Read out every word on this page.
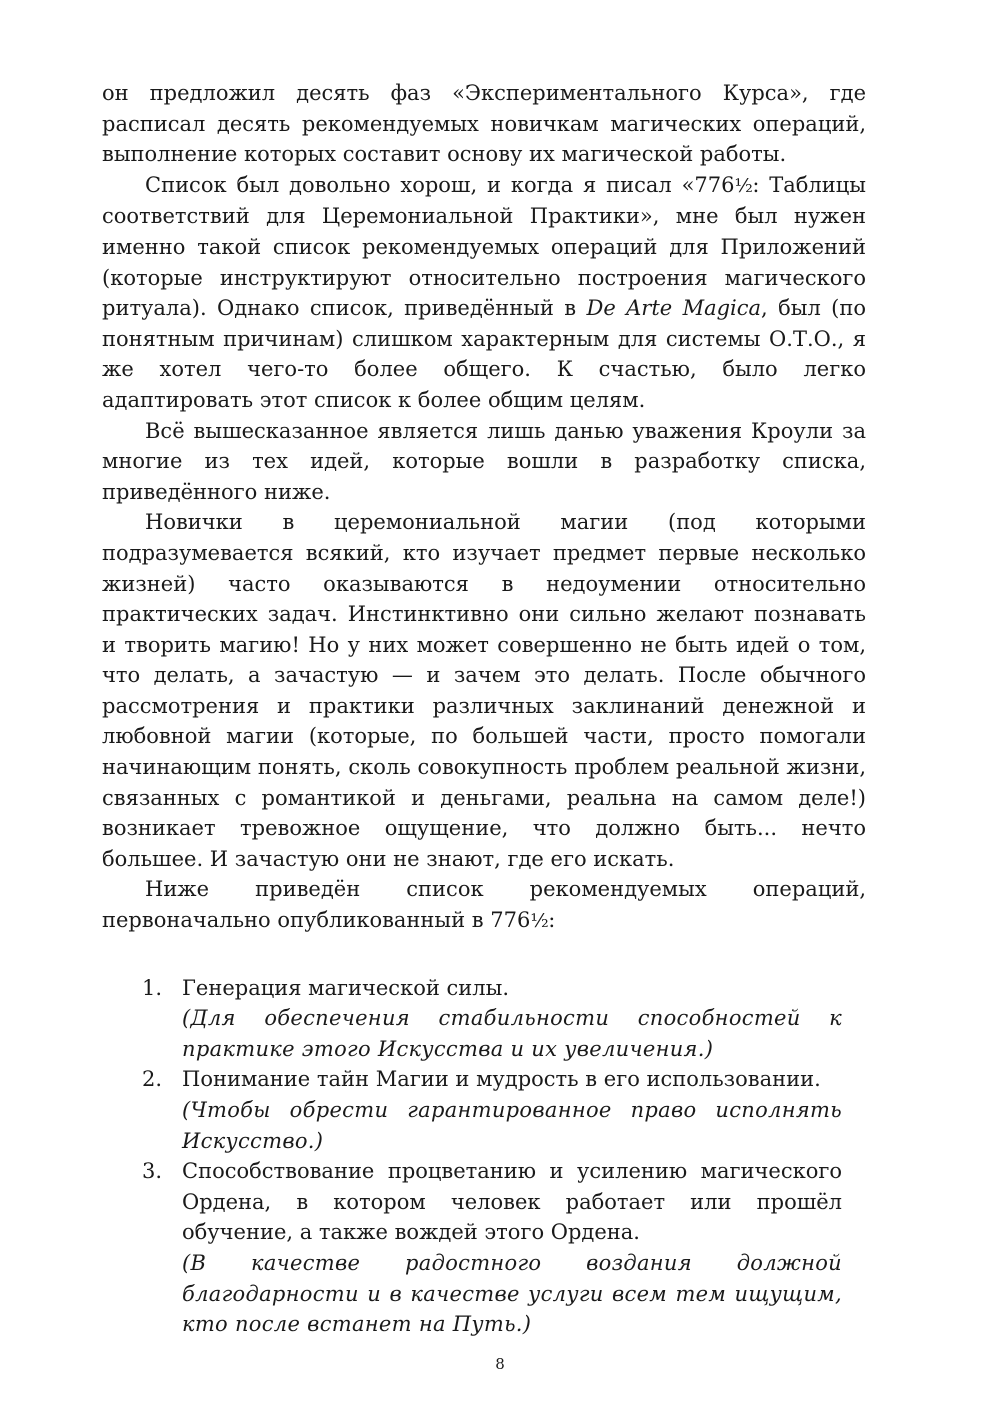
он предложил десять фаз «Экспериментального Курса», где расписал десять рекомендуемых новичкам магических операций, выполнение которых составит основу их магической работы.

Список был довольно хорош, и когда я писал «776½: Таблицы соответствий для Церемониальной Практики», мне был нужен именно такой список рекомендуемых операций для Приложений (которые инструктируют относительно построения магического ритуала). Однако список, приведённый в De Arte Magica, был (по понятным причинам) слишком характерным для системы О.Т.О., я же хотел чего-то более общего. К счастью, было легко адаптировать этот список к более общим целям.

Всё вышесказанное является лишь данью уважения Кроули за многие из тех идей, которые вошли в разработку списка, приведённого ниже.

Новички в церемониальной магии (под которыми подразумевается всякий, кто изучает предмет первые несколько жизней) часто оказываются в недоумении относительно практических задач. Инстинктивно они сильно желают познавать и творить магию! Но у них может совершенно не быть идей о том, что делать, а зачастую — и зачем это делать. После обычного рассмотрения и практики различных заклинаний денежной и любовной магии (которые, по большей части, просто помогали начинающим понять, сколь совокупность проблем реальной жизни, связанных с романтикой и деньгами, реальна на самом деле!) возникает тревожное ощущение, что должно быть... нечто большее. И зачастую они не знают, где его искать.

Ниже приведён список рекомендуемых операций, первоначально опубликованный в 776½:

1. Генерация магической силы.
(Для обеспечения стабильности способностей к практике этого Искусства и их увеличения.)
2. Понимание тайн Магии и мудрость в его использовании.
(Чтобы обрести гарантированное право исполнять Искусство.)
3. Способствование процветанию и усилению магического Ордена, в котором человек работает или прошёл обучение, а также вождей этого Ордена.
(В качестве радостного воздания должной благодарности и в качестве услуги всем тем ищущим, кто после встанет на Путь.)
8
